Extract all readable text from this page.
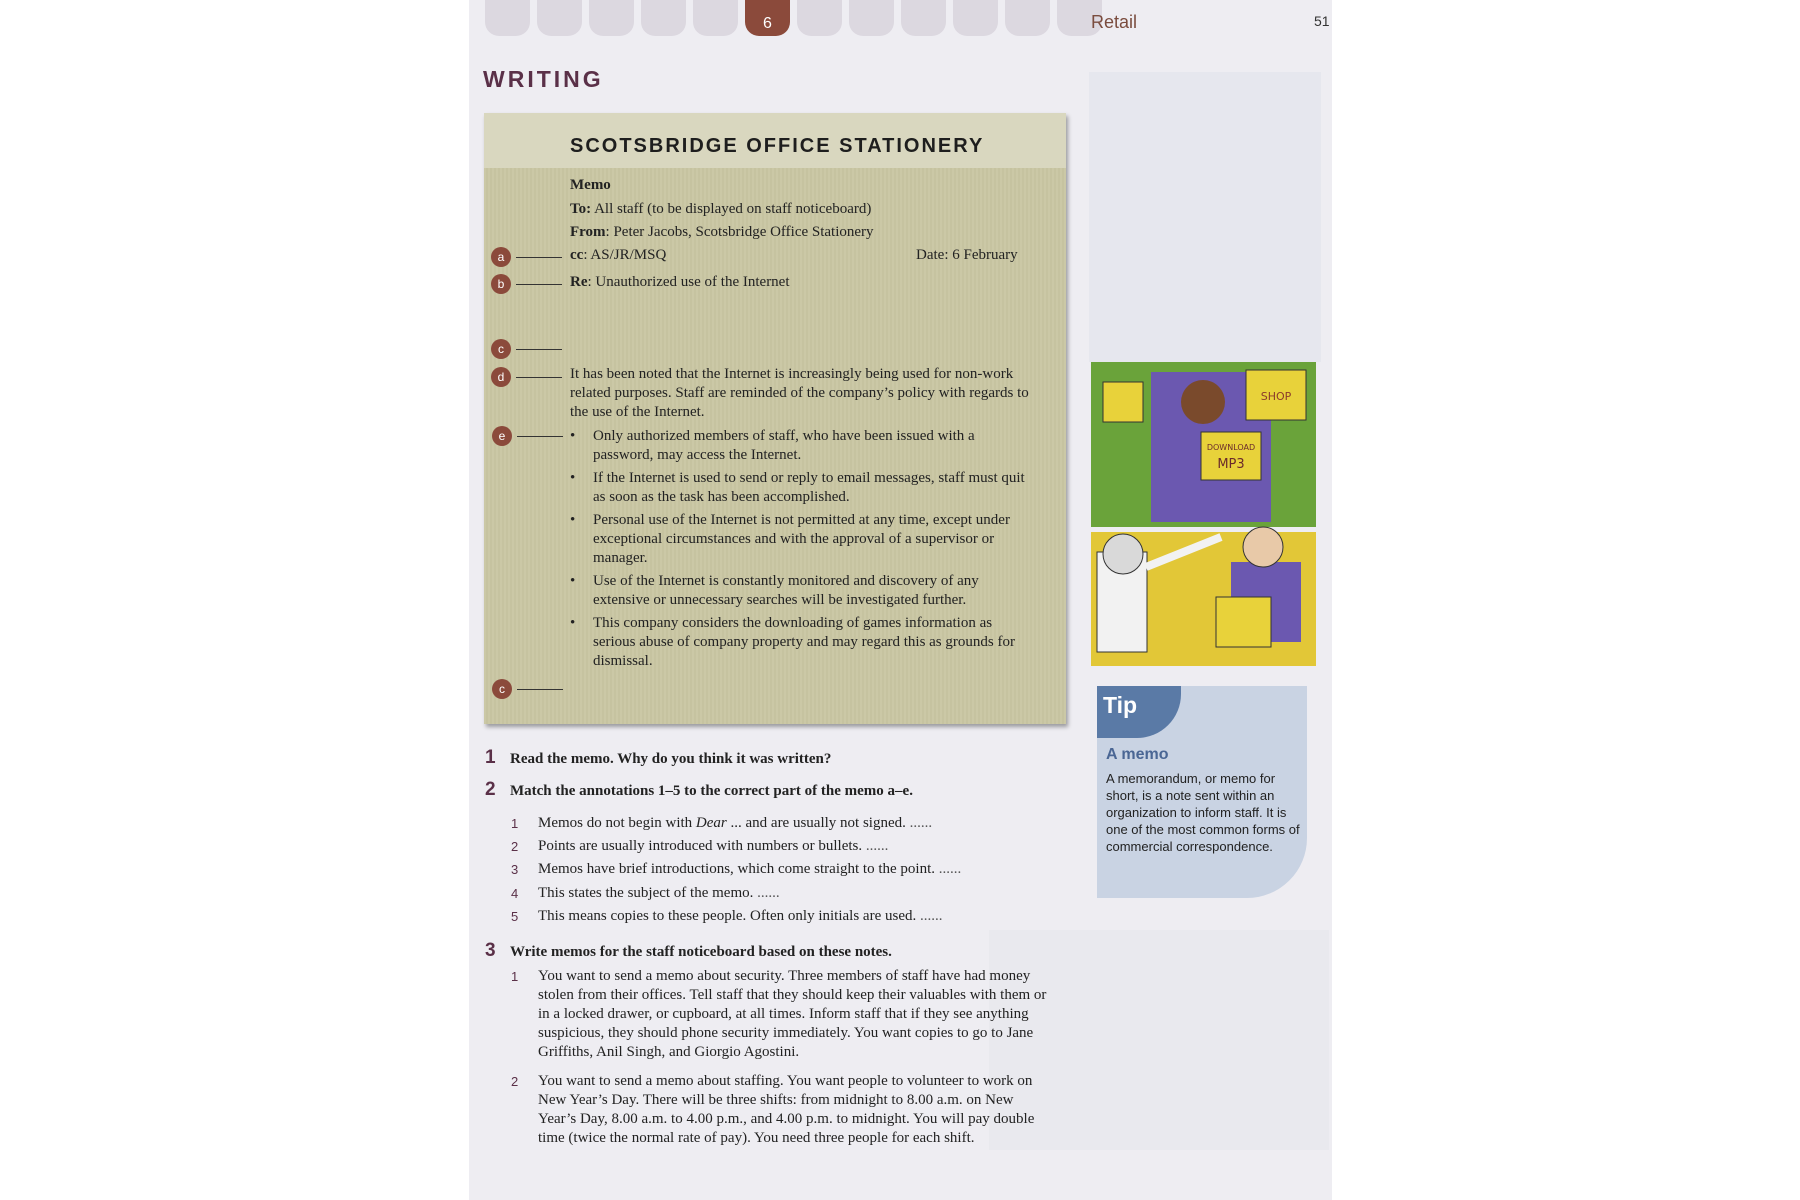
6	Retail	51
WRITING
SCOTSBRIDGE OFFICE STATIONERY
Memo
To: All staff (to be displayed on staff noticeboard)
From: Peter Jacobs, Scotsbridge Office Stationery
cc: AS/JR/MSQ	Date: 6 February
Re: Unauthorized use of the Internet
It has been noted that the Internet is increasingly being used for non-work related purposes. Staff are reminded of the company’s policy with regards to the use of the Internet.
• Only authorized members of staff, who have been issued with a password, may access the Internet.
• If the Internet is used to send or reply to email messages, staff must quit as soon as the task has been accomplished.
• Personal use of the Internet is not permitted at any time, except under exceptional circumstances and with the approval of a supervisor or manager.
• Use of the Internet is constantly monitored and discovery of any extensive or unnecessary searches will be investigated further.
• This company considers the downloading of games information as serious abuse of company property and may regard this as grounds for dismissal.
a
b
c
d
e
c
1 Read the memo. Why do you think it was written?
2 Match the annotations 1–5 to the correct part of the memo a–e.
1 Memos do not begin with Dear ... and are usually not signed. ......
2 Points are usually introduced with numbers or bullets. ......
3 Memos have brief introductions, which come straight to the point. ......
4 This states the subject of the memo. ......
5 This means copies to these people. Often only initials are used. ......
3 Write memos for the staff noticeboard based on these notes.
1 You want to send a memo about security. Three members of staff have had money stolen from their offices. Tell staff that they should keep their valuables with them or in a locked drawer, or cupboard, at all times. Inform staff that if they see anything suspicious, they should phone security immediately. You want copies to go to Jane Griffiths, Anil Singh, and Giorgio Agostini.
2 You want to send a memo about staffing. You want people to volunteer to work on New Year’s Day. There will be three shifts: from midnight to 8.00 a.m. on New Year’s Day, 8.00 a.m. to 4.00 p.m., and 4.00 p.m. to midnight. You will pay double time (twice the normal rate of pay). You need three people for each shift.
SHOP
DOWNLOAD
MP3
Tip
A memo
A memorandum, or memo for short, is a note sent within an organization to inform staff. It is one of the most common forms of commercial correspondence.
